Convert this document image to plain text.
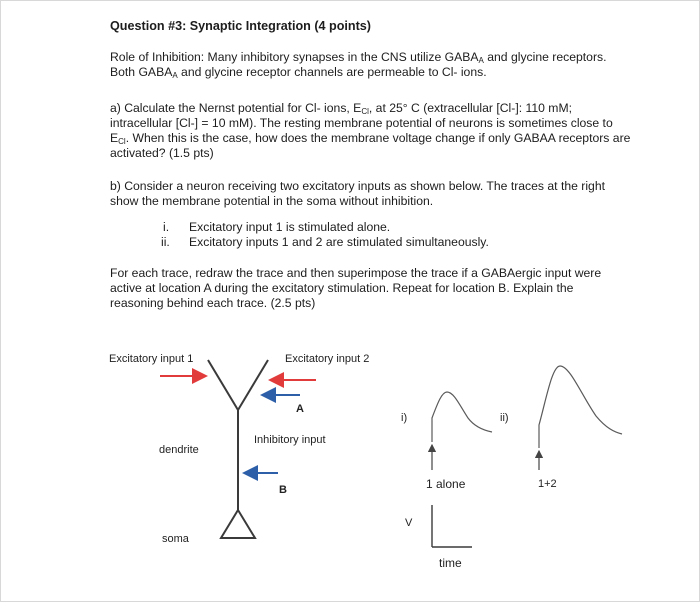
Question #3: Synaptic Integration (4 points)
Role of Inhibition: Many inhibitory synapses in the CNS utilize $GABA_A$ and glycine receptors.
Both $GABA_A$ and glycine receptor channels are permeable to Cl- ions.
a) Calculate the Nernst potential for Cl- ions, $E_{Cl}$, at 25° C (extracellular [Cl-]: 110 mM;
intracellular [Cl-] = 10 mM). The resting membrane potential of neurons is sometimes close to
$E_{Cl}$. When this is the case, how does the membrane voltage change if only GABAA receptors are
activated? (1.5 pts)
b) Consider a neuron receiving two excitatory inputs as shown below. The traces at the right
show the membrane potential in the soma without inhibition.
i. Excitatory input 1 is stimulated alone.
ii. Excitatory inputs 1 and 2 are stimulated simultaneously.
For each trace, redraw the trace and then superimpose the trace if a GABAergic input were
active at location A during the excitatory stimulation. Repeat for location B. Explain the
reasoning behind each trace. (2.5 pts)
Excitatory input 1	Excitatory input 2
A
Inhibitory input
dendrite
B
soma
i)	ii)
1 alone	1+2
V
time
